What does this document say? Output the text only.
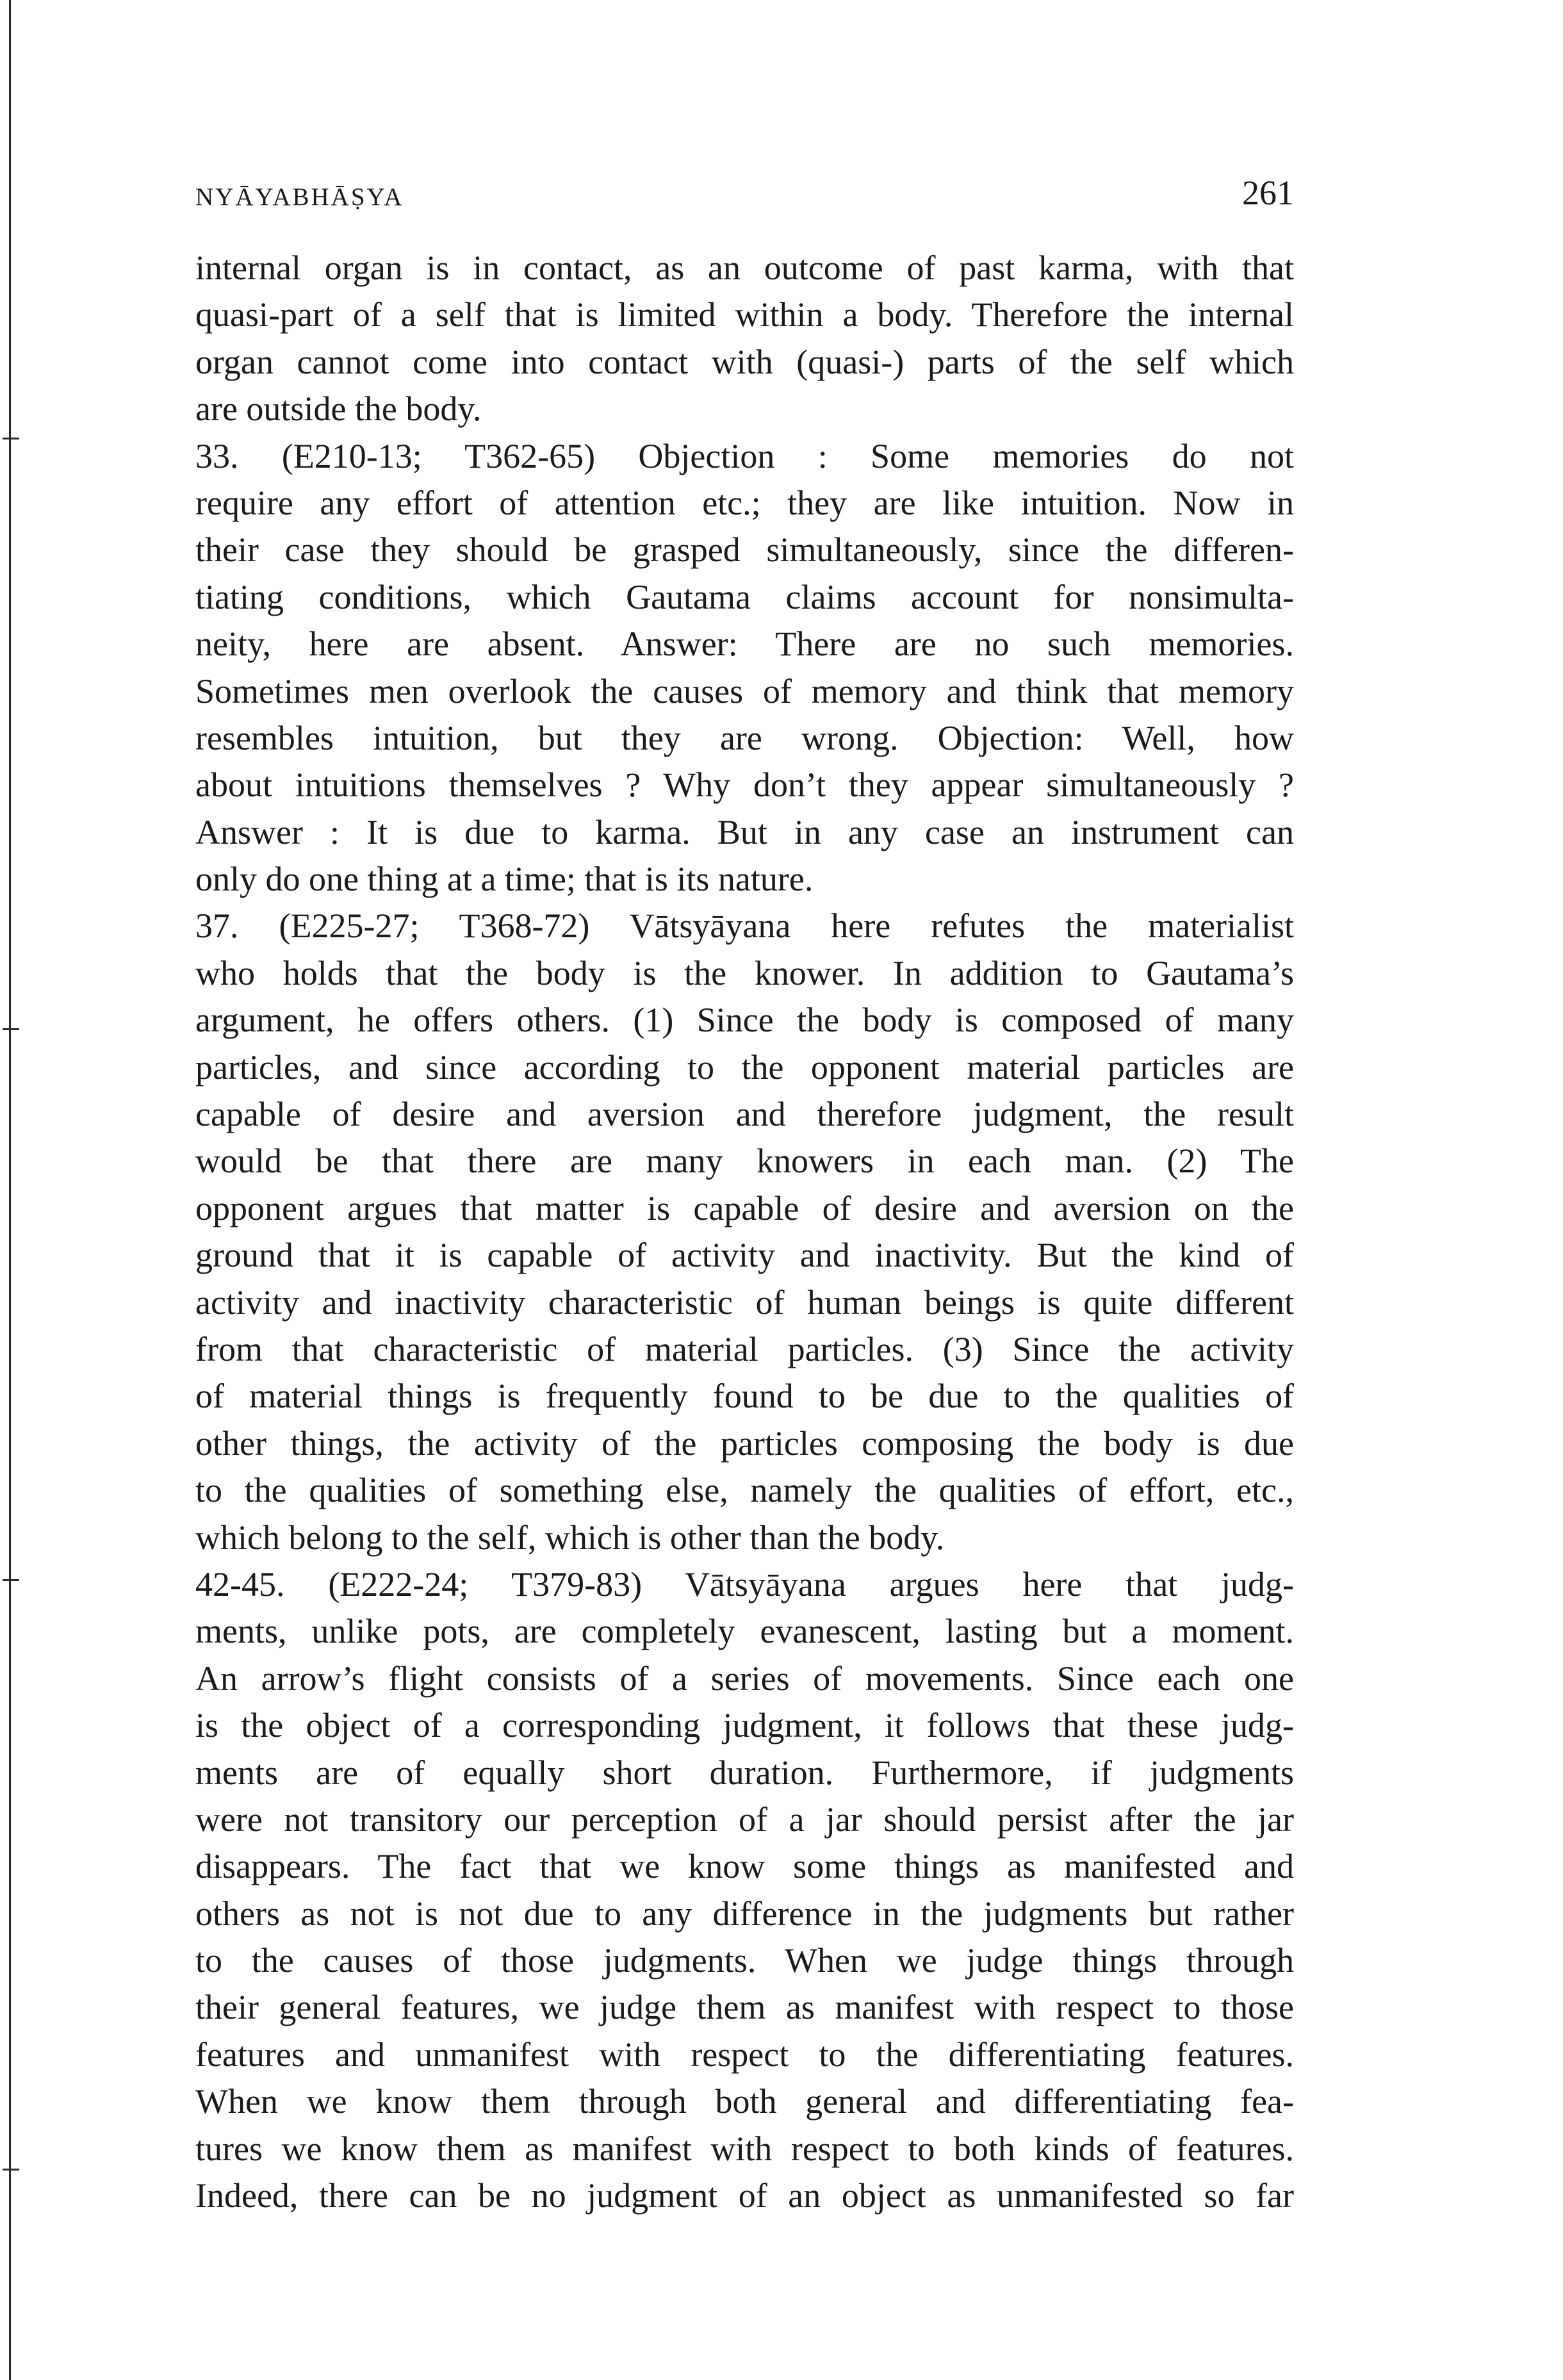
NYĀYABHĀṢYA	261
internal organ is in contact, as an outcome of past karma, with that
quasi-part of a self that is limited within a body. Therefore the internal
organ cannot come into contact with (quasi-) parts of the self which
are outside the body.
33. (E210-13; T362-65) Objection : Some memories do not
require any effort of attention etc.; they are like intuition. Now in
their case they should be grasped simultaneously, since the differen-
tiating conditions, which Gautama claims account for nonsimulta-
neity, here are absent. Answer: There are no such memories.
Sometimes men overlook the causes of memory and think that memory
resembles intuition, but they are wrong. Objection: Well, how
about intuitions themselves ? Why don’t they appear simultaneously ?
Answer : It is due to karma. But in any case an instrument can
only do one thing at a time; that is its nature.
37. (E225-27; T368-72) Vātsyāyana here refutes the materialist
who holds that the body is the knower. In addition to Gautama’s
argument, he offers others. (1) Since the body is composed of many
particles, and since according to the opponent material particles are
capable of desire and aversion and therefore judgment, the result
would be that there are many knowers in each man. (2) The
opponent argues that matter is capable of desire and aversion on the
ground that it is capable of activity and inactivity. But the kind of
activity and inactivity characteristic of human beings is quite different
from that characteristic of material particles. (3) Since the activity
of material things is frequently found to be due to the qualities of
other things, the activity of the particles composing the body is due
to the qualities of something else, namely the qualities of effort, etc.,
which belong to the self, which is other than the body.
42-45. (E222-24; T379-83) Vātsyāyana argues here that judg-
ments, unlike pots, are completely evanescent, lasting but a moment.
An arrow’s flight consists of a series of movements. Since each one
is the object of a corresponding judgment, it follows that these judg-
ments are of equally short duration. Furthermore, if judgments
were not transitory our perception of a jar should persist after the jar
disappears. The fact that we know some things as manifested and
others as not is not due to any difference in the judgments but rather
to the causes of those judgments. When we judge things through
their general features, we judge them as manifest with respect to those
features and unmanifest with respect to the differentiating features.
When we know them through both general and differentiating fea-
tures we know them as manifest with respect to both kinds of features.
Indeed, there can be no judgment of an object as unmanifested so far
